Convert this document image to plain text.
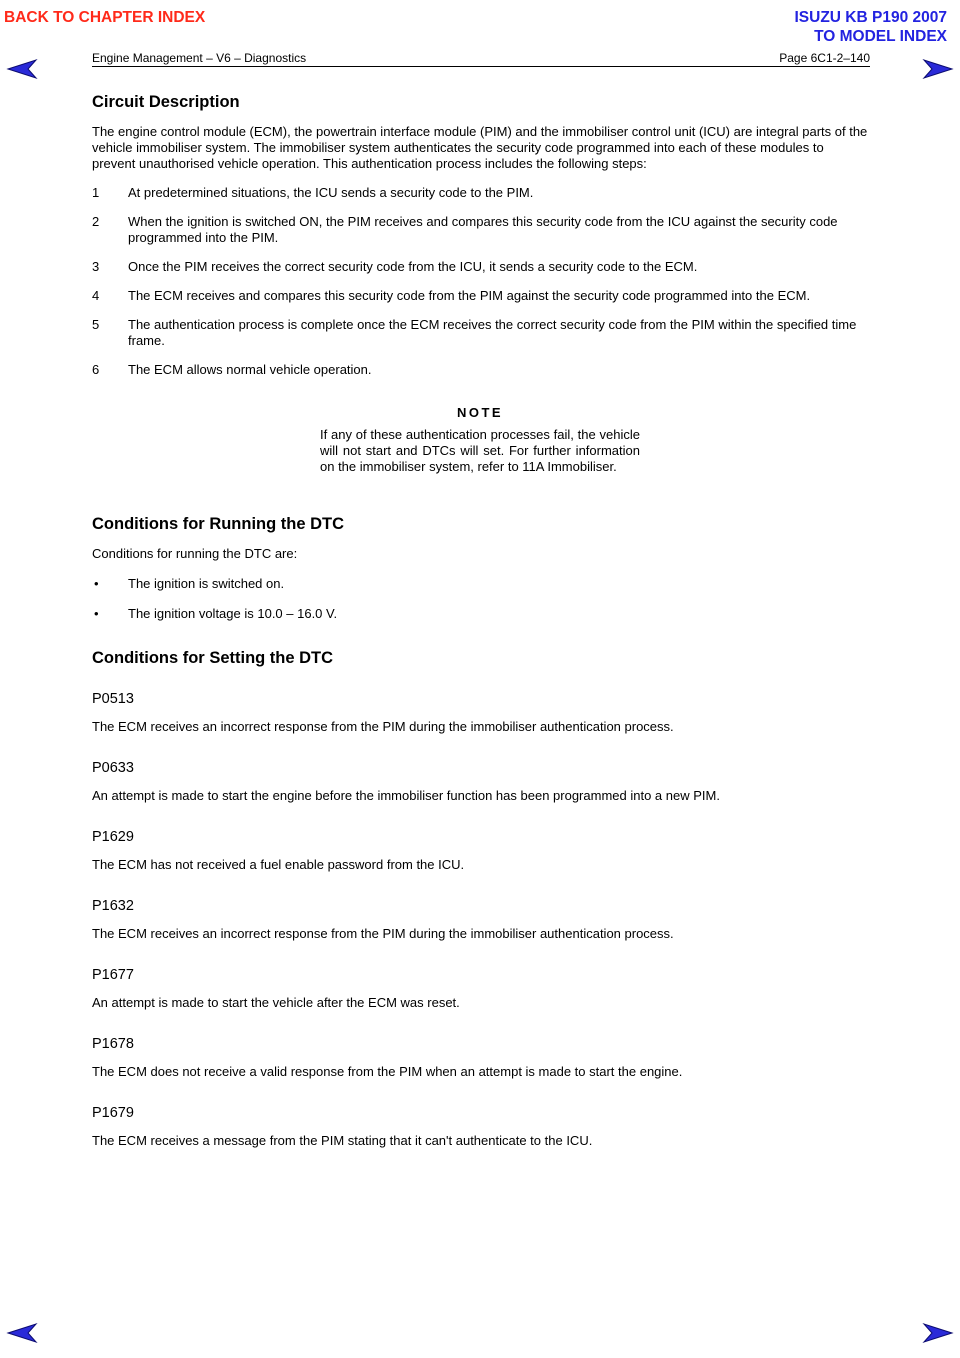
BACK TO CHAPTER INDEX	ISUZU KB P190 2007
TO MODEL INDEX
Engine Management – V6 – Diagnostics	Page 6C1-2–140
Circuit Description

The engine control module (ECM), the powertrain interface module (PIM) and the immobiliser control unit (ICU) are integral parts of the vehicle immobiliser system. The immobiliser system authenticates the security code programmed into each of these modules to prevent unauthorised vehicle operation. This authentication process includes the following steps:

1	At predetermined situations, the ICU sends a security code to the PIM.
2	When the ignition is switched ON, the PIM receives and compares this security code from the ICU against the security code programmed into the PIM.
3	Once the PIM receives the correct security code from the ICU, it sends a security code to the ECM.
4	The ECM receives and compares this security code from the PIM against the security code programmed into the ECM.
5	The authentication process is complete once the ECM receives the correct security code from the PIM within the specified time frame.
6	The ECM allows normal vehicle operation.
NOTE
If any of these authentication processes fail, the vehicle will not start and DTCs will set. For further information on the immobiliser system, refer to 11A Immobiliser.
Conditions for Running the DTC

Conditions for running the DTC are:

•	The ignition is switched on.
•	The ignition voltage is 10.0 – 16.0 V.
Conditions for Setting the DTC
P0513

The ECM receives an incorrect response from the PIM during the immobiliser authentication process.

P0633

An attempt is made to start the engine before the immobiliser function has been programmed into a new PIM.

P1629

The ECM has not received a fuel enable password from the ICU.

P1632

The ECM receives an incorrect response from the PIM during the immobiliser authentication process.

P1677

An attempt is made to start the vehicle after the ECM was reset.

P1678

The ECM does not receive a valid response from the PIM when an attempt is made to start the engine.

P1679

The ECM receives a message from the PIM stating that it can't authenticate to the ICU.
